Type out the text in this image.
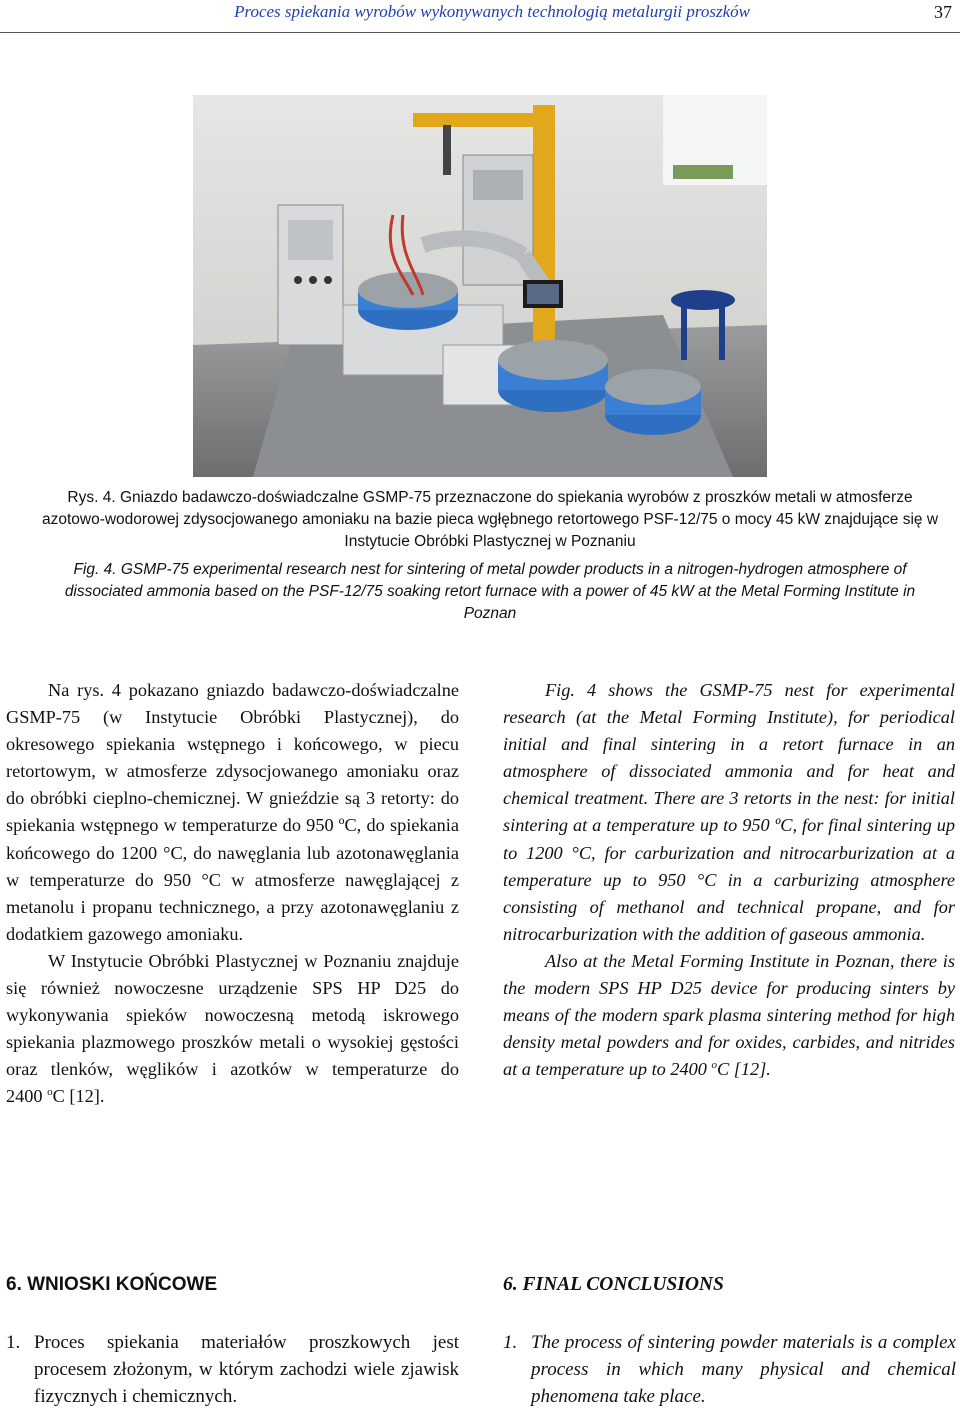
Proces spiekania wyrobów wykonywanych technologią metalurgii proszków	37
Rys. 4. Gniazdo badawczo-doświadczalne GSMP-75 przeznaczone do spiekania wyrobów z proszków metali w atmosferze azotowo-wodorowej zdysocjowanego amoniaku na bazie pieca wgłębnego retortowego PSF-12/75 o mocy 45 kW znajdujące się w Instytucie Obróbki Plastycznej w Poznaniu
Fig. 4. GSMP-75 experimental research nest for sintering of metal powder products in a nitrogen-hydrogen atmosphere of dissociated ammonia based on the PSF-12/75 soaking retort furnace with a power of 45 kW at the Metal Forming Institute in Poznan

Na rys. 4 pokazano gniazdo badawczo-doświadczalne GSMP-75 (w Instytucie Obróbki Plastycznej), do okresowego spiekania wstępnego i końcowego, w piecu retortowym, w atmosferze zdysocjowanego amoniaku oraz do obróbki cieplno-chemicznej. W gnieździe są 3 retorty: do spiekania wstępnego w temperaturze do 950 ºC, do spiekania końcowego do 1200 °C, do nawęglania lub azotonawęglania w temperaturze do 950 °C w atmosferze nawęglającej z metanolu i propanu technicznego, a przy azotonawęglaniu z dodatkiem gazowego amoniaku.

W Instytucie Obróbki Plastycznej w Poznaniu znajduje się również nowoczesne urządzenie SPS HP D25 do wykonywania spieków nowoczesną metodą iskrowego spiekania plazmowego proszków metali o wysokiej gęstości oraz tlenków, węglików i azotków w temperaturze do 2400 $^o$C [12].

Fig. 4 shows the GSMP-75 nest for experimental research (at the Metal Forming Institute), for periodical initial and final sintering in a retort furnace in an atmosphere of dissociated ammonia and for heat and chemical treatment. There are 3 retorts in the nest: for initial sintering at a temperature up to 950 ºC, for final sintering up to 1200 °C, for carburization and nitrocarburization at a temperature up to 950 °C in a carburizing atmosphere consisting of methanol and technical propane, and for nitrocarburization with the addition of gaseous ammonia.

Also at the Metal Forming Institute in Poznan, there is the modern SPS HP D25 device for producing sinters by means of the modern spark plasma sintering method for high density metal powders and for oxides, carbides, and nitrides at a temperature up to 2400 $^o$C [12].

6. WNIOSKI KOŃCOWE	6. FINAL CONCLUSIONS
1. Proces spiekania materiałów proszkowych jest procesem złożonym, w którym zachodzi wiele zjawisk fizycznych i chemicznych.
1. The process of sintering powder materials is a complex process in which many physical and chemical phenomena take place.
